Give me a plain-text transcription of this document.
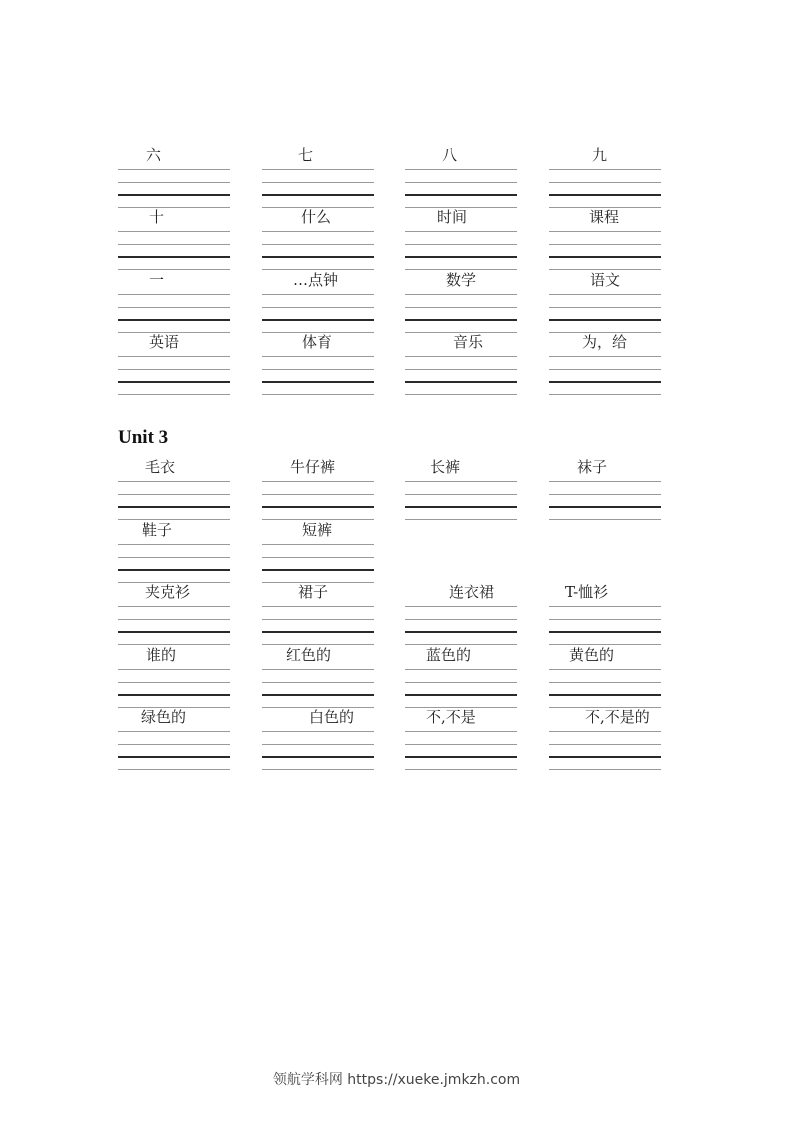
六	七	八	九
十	什么	时间	课程
一	…点钟	数学	语文
英语	体育	音乐	为，给
Unit 3
毛衣	牛仔裤	长裤	袜子
鞋子	短裤
夹克衫	裙子	连衣裙	T-恤衫
谁的	红色的	蓝色的	黄色的
绿色的	白色的	不,不是	不,不是的
领航学科网 https://xueke.jmkzh.com
